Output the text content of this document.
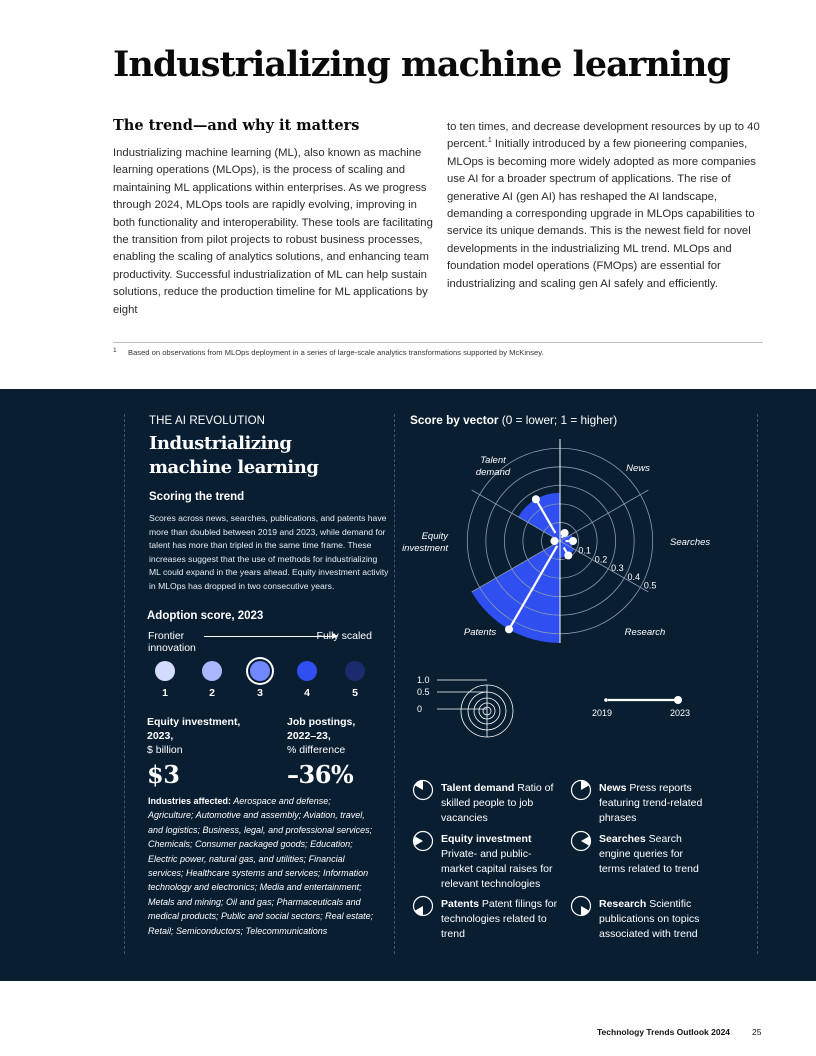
Industrializing machine learning
The trend—and why it matters

Industrializing machine learning (ML), also known as machine learning operations (MLOps), is the process of scaling and maintaining ML applications within enterprises. As we progress through 2024, MLOps tools are rapidly evolving, improving in both functionality and interoperability. These tools are facilitating the transition from pilot projects to robust business processes, enabling the scaling of analytics solutions, and enhancing team productivity. Successful industrialization of ML can help sustain solutions, reduce the production timeline for ML applications by eight

to ten times, and decrease development resources by up to 40 percent.$^1$ Initially introduced by a few pioneering companies, MLOps is becoming more widely adopted as more companies use AI for a broader spectrum of applications. The rise of generative AI (gen AI) has reshaped the AI landscape, demanding a corresponding upgrade in MLOps capabilities to service its unique demands. This is the newest field for novel developments in the industrializing ML trend. MLOps and foundation model operations (FMOps) are essential for industrializing and scaling gen AI safely and efficiently.

1 Based on observations from MLOps deployment in a series of large-scale analytics transformations supported by McKinsey.
THE AI REVOLUTION
Industrializing
machine learning
Scoring the trend

Scores across news, searches, publications, and patents have more than doubled between 2019 and 2023, while demand for talent has more than tripled in the same time frame. These increases suggest that the use of methods for industrializing ML could expand in the years ahead. Equity investment activity in MLOps has dropped in two consecutive years.

Adoption score, 2023
Frontier innovation
Fully scaled
1	2	3	4	5
Equity investment, 2023,
$ billion
$3
Job postings, 2022–23,
% difference
–36%

Industries affected: Aerospace and defense; Agriculture; Automotive and assembly; Aviation, travel, and logistics; Business, legal, and professional services; Chemicals; Consumer packaged goods; Education; Electric power, natural gas, and utilities; Financial services; Healthcare systems and services; Information technology and electronics; Media and entertainment; Metals and mining; Oil and gas; Pharmaceuticals and medical products; Public and social sectors; Real estate; Retail; Semiconductors; Telecommunications

Score by vector (0 = lower; 1 = higher)
0.1
0.2
0.3
0.4
0.5
News
Searches
Research
Patents
Equity investment
Talent demand
1.0
0.5
0	2019	2023
Talent demand Ratio of skilled people to job vacancies
News Press reports featuring trend-related phrases
Equity investment Private- and public-market capital raises for relevant technologies
Searches Search engine queries for terms related to trend
Patents Patent filings for technologies related to trend
Research Scientific publications on topics associated with trend
Technology Trends Outlook 2024	25
